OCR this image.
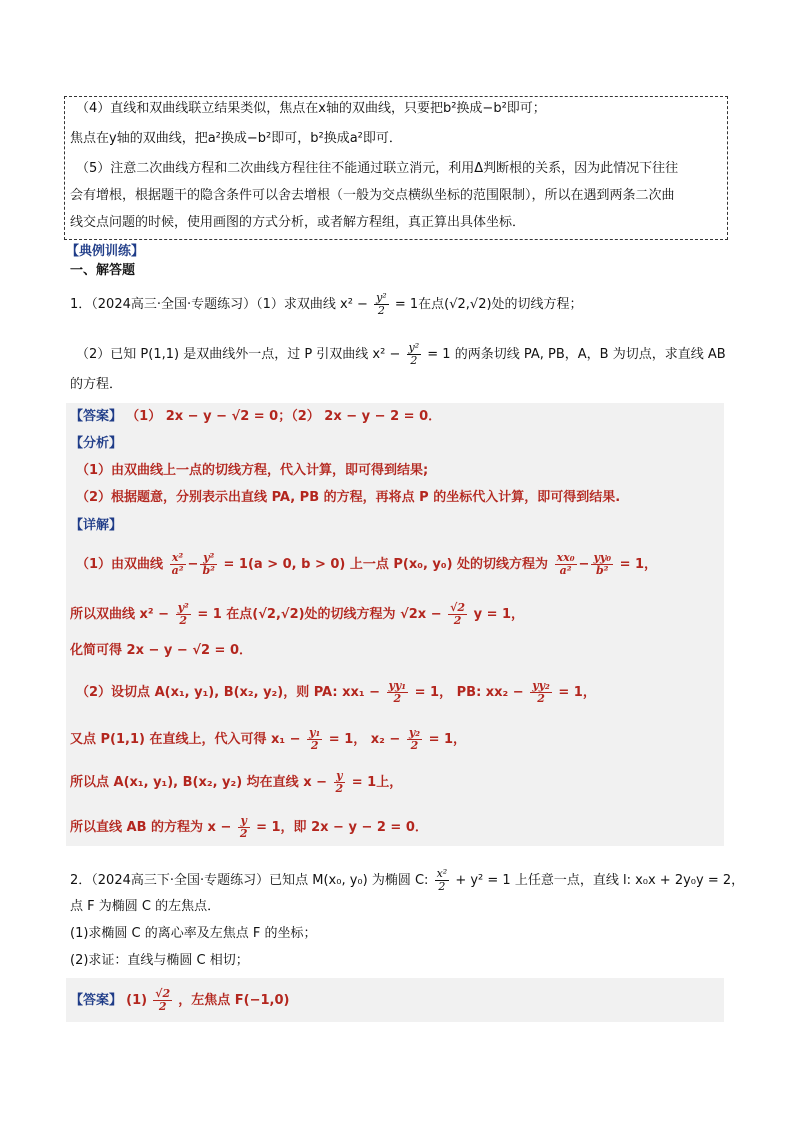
（4）直线和双曲线联立结果类似，焦点在x轴的双曲线，只要把b²换成−b²即可；
焦点在y轴的双曲线，把a²换成−b²即可，b²换成a²即可．
（5）注意二次曲线方程和二次曲线方程往往不能通过联立消元，利用Δ判断根的关系，因为此情况下往往
会有增根，根据题干的隐含条件可以舍去增根（一般为交点横纵坐标的范围限制），所以在遇到两条二次曲
线交点问题的时候，使用画图的方式分析，或者解方程组，真正算出具体坐标．
【典例训练】
一、解答题
1．（2024高三·全国·专题练习）（1）求双曲线 $x^2 - \frac{\text{y²}}{2} = 1$在点(√2,√2)处的切线方程；
（2）已知 P(1,1) 是双曲线外一点，过 P 引双曲线 $x^2 - \frac{\text{y²}}{2} = 1$ 的两条切线 PA, PB，A，B 为切点，求直线 AB
的方程．
【答案】 （1） 2x − y − √2 = 0；（2） 2x − y − 2 = 0．
【分析】
（1）由双曲线上一点的切线方程，代入计算，即可得到结果;
（2）根据题意，分别表示出直线 PA, PB 的方程，再将点 P 的坐标代入计算，即可得到结果.
【详解】
（1）由双曲线 $\frac{\text{x²}}{\text{a²}} - \frac{\text{y²}}{\text{b²}} = 1(a > 0$, b > 0) 上一点 P(x₀, y₀) 处的切线方程为 $\frac{\text{xx₀}}{\text{a²}} - \frac{\text{yy₀}}{\text{b²}} = 1$，
所以双曲线 $x^2 - \frac{\text{y²}}{2} = 1$ 在点(√2,√2)处的切线方程为 $√2x - \frac{√2}{2}$ y = 1，
化简可得 2x − y − √2 = 0．
（2）设切点 A(x₁, y₁), B(x₂, y₂)，则 PA: $xx_1 - \frac{\text{yy₁}}{2} = 1$， PB: $xx_2 - \frac{\text{yy₂}}{2} = 1$，
又点 P(1,1) 在直线上，代入可得 $x_1 - \frac{\text{y₁}}{2} = 1$， $x_2 - \frac{\text{y₂}}{2} = 1$，
所以点 A(x₁, y₁), B(x₂, y₂) 均在直线 $x - \frac{y}{2} = 1$上，
所以直线 AB 的方程为 $x - \frac{y}{2} = 1$，即 2x − y − 2 = 0．
2．（2024高三下·全国·专题练习）已知点 M(x₀, y₀) 为椭圆 C: $\frac{\text{x²}}{2} + y^2 = 1$ 上任意一点，直线 l: x₀x + 2y₀y = 2，
点 F 为椭圆 C 的左焦点．
(1)求椭圆 C 的离心率及左焦点 F 的坐标；
(2)求证：直线与椭圆 C 相切；
【答案】 $(1) \frac{√2}{2}$ ，左焦点 F(−1,0)
